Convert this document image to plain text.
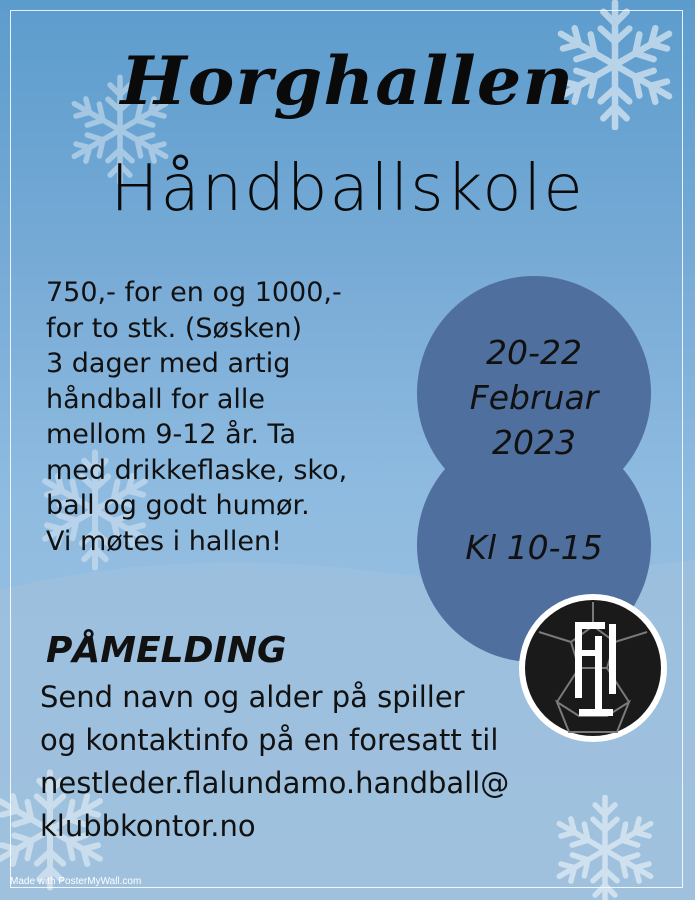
Horghallen
Håndballskole
750,- for en og 1000,-
for to stk. (Søsken)
3 dager med artig
håndball for alle
mellom 9-12 år. Ta
med drikkeflaske, sko,
ball og godt humør.
Vi møtes i hallen!
20-22
Februar
2023
Kl 10-15
PÅMELDING
Send navn og alder på spiller
og kontaktinfo på en foresatt til
nestleder.flalundamo.handball@
klubbkontor.no
Made with PosterMyWall.com
